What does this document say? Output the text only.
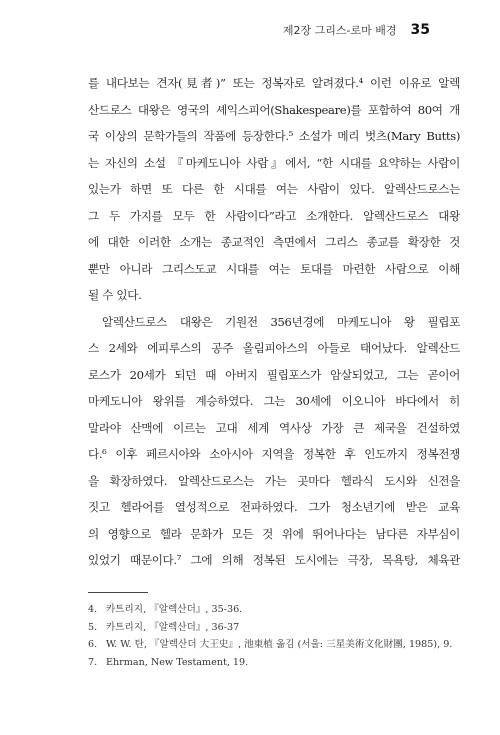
제2장 그리스-로마 배경 35
를 내다보는 견자(見者)” 또는 정복자로 알려졌다.⁴ 이런 이유로 알렉
산드로스 대왕은 영국의 셰익스피어(Shakespeare)를 포함하여 80여 개
국 이상의 문학가들의 작품에 등장한다.⁵ 소설가 메리 벗츠(Mary Butts)
는 자신의 소설 『마케도니아 사람』에서, “한 시대를 요약하는 사람이
있는가 하면 또 다른 한 시대를 여는 사람이 있다. 알렉산드로스는
그 두 가지를 모두 한 사람이다”라고 소개한다. 알렉산드로스 대왕
에 대한 이러한 소개는 종교적인 측면에서 그리스 종교를 확장한 것
뿐만 아니라 그리스도교 시대를 여는 토대를 마련한 사람으로 이해
될 수 있다.
알렉산드로스 대왕은 기원전 356년경에 마케도니아 왕 필립포
스 2세와 에피루스의 공주 올림피아스의 아들로 태어났다. 알렉산드
로스가 20세가 되던 때 아버지 필립포스가 암살되었고, 그는 곧이어
마케도니아 왕위를 계승하였다. 그는 30세에 이오니아 바다에서 히
말라야 산맥에 이르는 고대 세계 역사상 가장 큰 제국을 건설하였
다.⁶ 이후 페르시아와 소아시아 지역을 정복한 후 인도까지 정복전쟁
을 확장하였다. 알렉산드로스는 가는 곳마다 헬라식 도시와 신전을
짓고 헬라어를 열성적으로 전파하였다. 그가 청소년기에 받은 교육
의 영향으로 헬라 문화가 모든 것 위에 뛰어나다는 남다른 자부심이
있었기 때문이다.⁷ 그에 의해 정복된 도시에는 극장, 목욕탕, 체육관
4. 카트리지, 『알렉산더』, 35-36.
5. 카트리지, 『알렉산더』, 36-37
6. W. W. 탄, 『알렉산더 大王史』, 池東植 옮김 (서울: 三星美術文化財團, 1985), 9.
7. Ehrman, New Testament, 19.
